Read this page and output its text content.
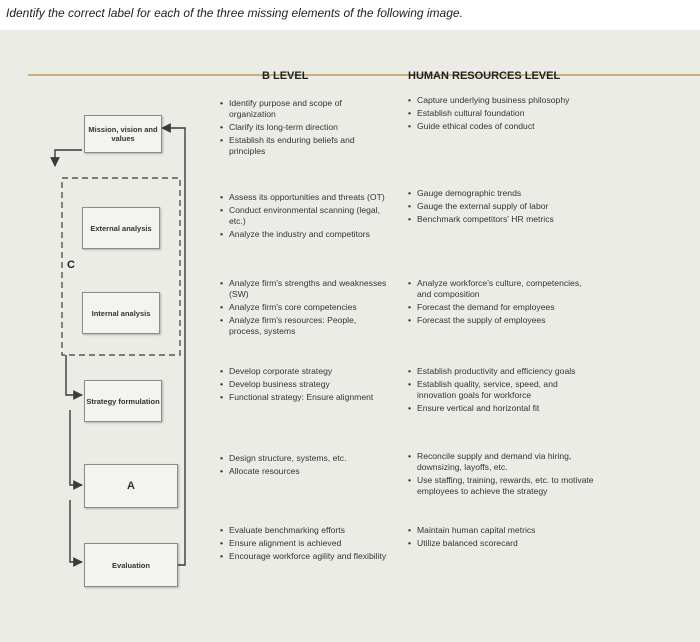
Identify the correct label for each of the three missing elements of the following image.
B LEVEL	HUMAN RESOURCES LEVEL
Mission, vision and values
External analysis
Internal analysis
C
Strategy formulation
A
Evaluation
• Identify purpose and scope of organization
• Clarify its long-term direction
• Establish its enduring beliefs and principles
• Capture underlying business philosophy
• Establish cultural foundation
• Guide ethical codes of conduct
• Assess its opportunities and threats (OT)
• Conduct environmental scanning (legal, etc.)
• Analyze the industry and competitors
• Gauge demographic trends
• Gauge the external supply of labor
• Benchmark competitors' HR metrics
• Analyze firm's strengths and weaknesses (SW)
• Analyze firm's core competencies
• Analyze firm's resources: People, process, systems
• Analyze workforce's culture, competencies, and composition
• Forecast the demand for employees
• Forecast the supply of employees
• Develop corporate strategy
• Develop business strategy
• Functional strategy: Ensure alignment
• Establish productivity and efficiency goals
• Establish quality, service, speed, and innovation goals for workforce
• Ensure vertical and horizontal fit
• Design structure, systems, etc.
• Allocate resources
• Reconcile supply and demand via hiring, downsizing, layoffs, etc.
• Use staffing, training, rewards, etc. to motivate employees to achieve the strategy
• Evaluate benchmarking efforts
• Ensure alignment is achieved
• Encourage workforce agility and flexibility
• Maintain human capital metrics
• Utilize balanced scorecard
